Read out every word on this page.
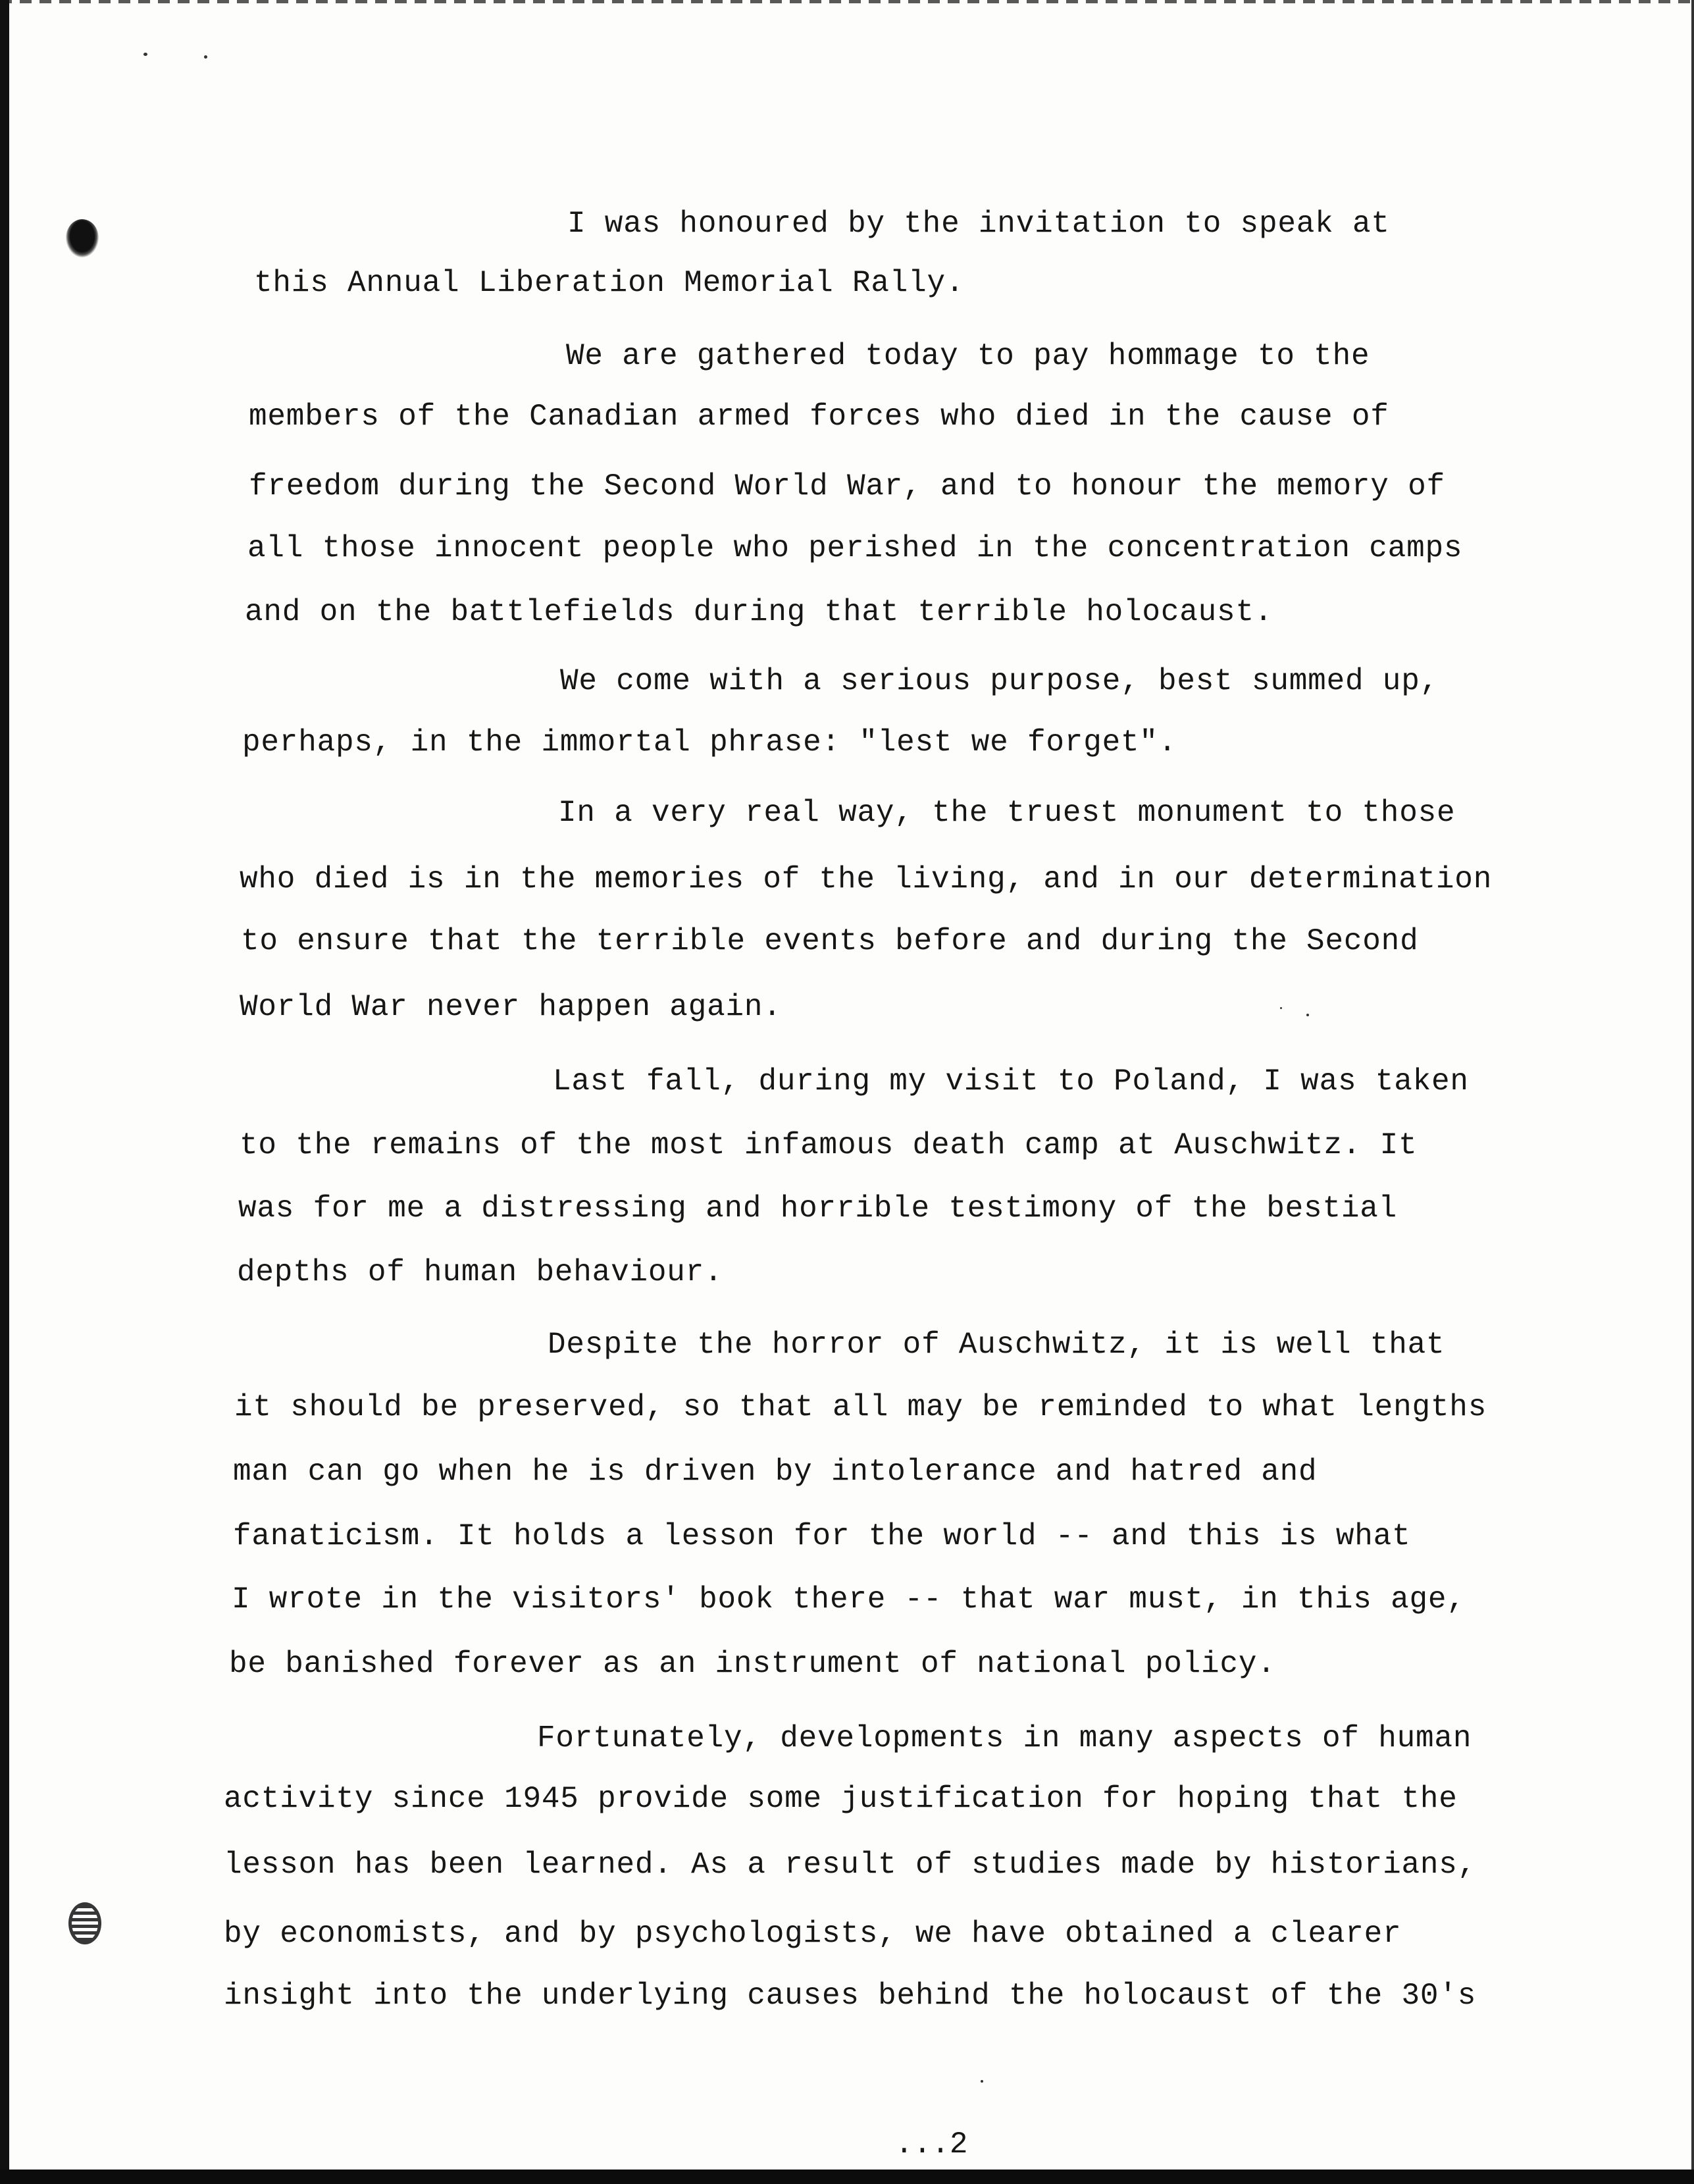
I was honoured by the invitation to speak at

this Annual Liberation Memorial Rally.

We are gathered today to pay hommage to the

members of the Canadian armed forces who died in the cause of

freedom during the Second World War, and to honour the memory of

all those innocent people who perished in the concentration camps

and on the battlefields during that terrible holocaust.

We come with a serious purpose, best summed up,

perhaps, in the immortal phrase: "lest we forget".

In a very real way, the truest monument to those

who died is in the memories of the living, and in our determination

to ensure that the terrible events before and during the Second

World War never happen again.

Last fall, during my visit to Poland, I was taken

to the remains of the most infamous death camp at Auschwitz. It

was for me a distressing and horrible testimony of the bestial

depths of human behaviour.

Despite the horror of Auschwitz, it is well that

it should be preserved, so that all may be reminded to what lengths

man can go when he is driven by intolerance and hatred and

fanaticism. It holds a lesson for the world -- and this is what

I wrote in the visitors' book there -- that war must, in this age,

be banished forever as an instrument of national policy.

Fortunately, developments in many aspects of human

activity since 1945 provide some justification for hoping that the

lesson has been learned. As a result of studies made by historians,

by economists, and by psychologists, we have obtained a clearer

insight into the underlying causes behind the holocaust of the 30's

...2
